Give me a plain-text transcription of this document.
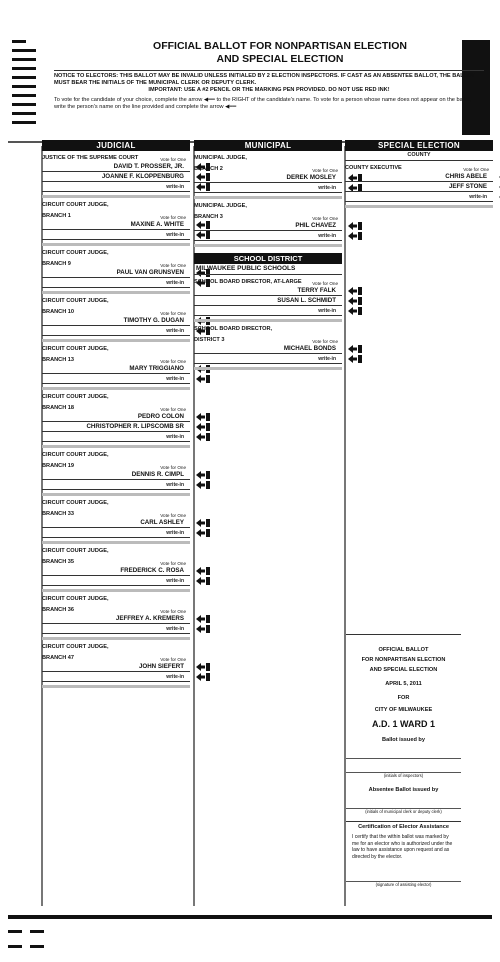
OFFICIAL BALLOT FOR NONPARTISAN ELECTION
AND SPECIAL ELECTION
NOTICE TO ELECTORS: THIS BALLOT MAY BE INVALID UNLESS INITIALED BY 2 ELECTION INSPECTORS. IF CAST AS AN ABSENTEE BALLOT, THE BALLOT MUST BEAR THE INITIALS OF THE MUNICIPAL CLERK OR DEPUTY CLERK.
IMPORTANT: USE A #2 PENCIL OR THE MARKING PEN PROVIDED. DO NOT USE RED INK!
To vote for the candidate of your choice, complete the arrow ◀━━ to the RIGHT of the candidate's name. To vote for a person whose name does not appear on the ballot, write the person's name on the line provided and complete the arrow ◀━━
JUDICIAL
JUSTICE OF THE SUPREME COURT	Vote for One
DAVID T. PROSSER, JR.
JOANNE F. KLOPPENBURG
write-in
CIRCUIT COURT JUDGE,
BRANCH 1	Vote for One
MAXINE A. WHITE
write-in
CIRCUIT COURT JUDGE,
BRANCH 9	Vote for One
PAUL VAN GRUNSVEN
write-in
CIRCUIT COURT JUDGE,
BRANCH 10	Vote for One
TIMOTHY G. DUGAN
write-in
CIRCUIT COURT JUDGE,
BRANCH 13	Vote for One
MARY TRIGGIANO
write-in
CIRCUIT COURT JUDGE,
BRANCH 18	Vote for One
PEDRO COLON
CHRISTOPHER R. LIPSCOMB SR
write-in
CIRCUIT COURT JUDGE,
BRANCH 19	Vote for One
DENNIS R. CIMPL
write-in
CIRCUIT COURT JUDGE,
BRANCH 33	Vote for One
CARL ASHLEY
write-in
CIRCUIT COURT JUDGE,
BRANCH 35	Vote for One
FREDERICK C. ROSA
write-in
CIRCUIT COURT JUDGE,
BRANCH 36	Vote for One
JEFFREY A. KREMERS
write-in
CIRCUIT COURT JUDGE,
BRANCH 47	Vote for One
JOHN SIEFERT
write-in
MUNICIPAL
MUNICIPAL JUDGE,
BRANCH 2	Vote for One
DEREK MOSLEY
write-in
MUNICIPAL JUDGE,
BRANCH 3	Vote for One
PHIL CHAVEZ
write-in
SCHOOL DISTRICT
MILWAUKEE PUBLIC SCHOOLS
SCHOOL BOARD DIRECTOR, AT-LARGE	Vote for One
TERRY FALK
SUSAN L. SCHMIDT
write-in
SCHOOL BOARD DIRECTOR,
DISTRICT 3	Vote for One
MICHAEL BONDS
write-in
SPECIAL ELECTION
COUNTY
COUNTY EXECUTIVE	Vote for One
CHRIS ABELE
JEFF STONE
write-in
OFFICIAL BALLOT
FOR NONPARTISAN ELECTION
AND SPECIAL ELECTION
APRIL 5, 2011
FOR
CITY OF MILWAUKEE
A.D. 1 WARD 1
Ballot issued by
(initials of inspectors)
Absentee Ballot issued by
(initials of municipal clerk or deputy clerk)
Certification of Elector Assistance
I certify that the within ballot was marked by me for an elector who is authorized under the law to have assistance upon request and as directed by the elector.
(signature of assisting elector)
